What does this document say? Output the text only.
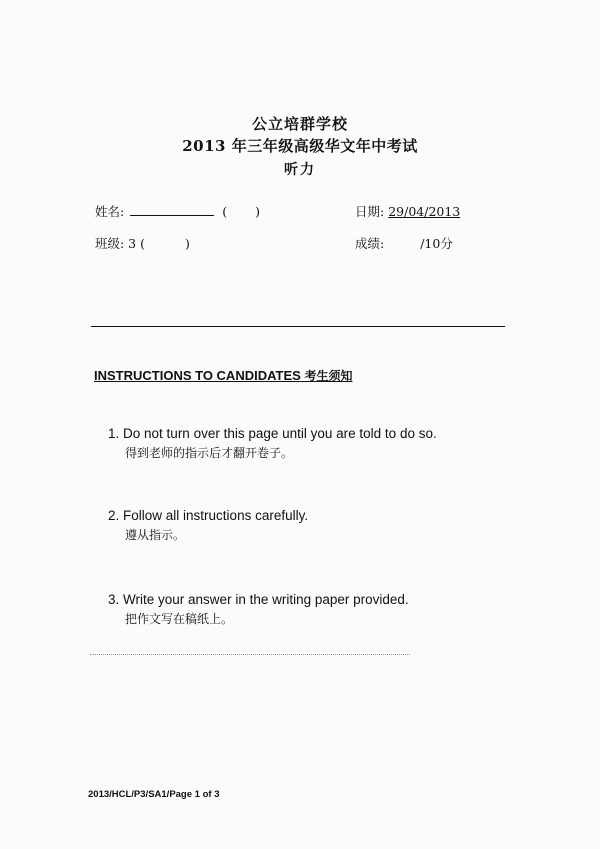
公立培群学校
2013 年三年级高级华文年中考试
听力
姓名:	( )	日期: 29/04/2013
班级: 3 (	)	成绩:	/10分
INSTRUCTIONS TO CANDIDATES 考生须知
1. Do not turn over this page until you are told to do so.
得到老师的指示后才翻开卷子。
2. Follow all instructions carefully.
遵从指示。
3. Write your answer in the writing paper provided.
把作文写在稿纸上。
2013/HCL/P3/SA1/Page 1 of 3
